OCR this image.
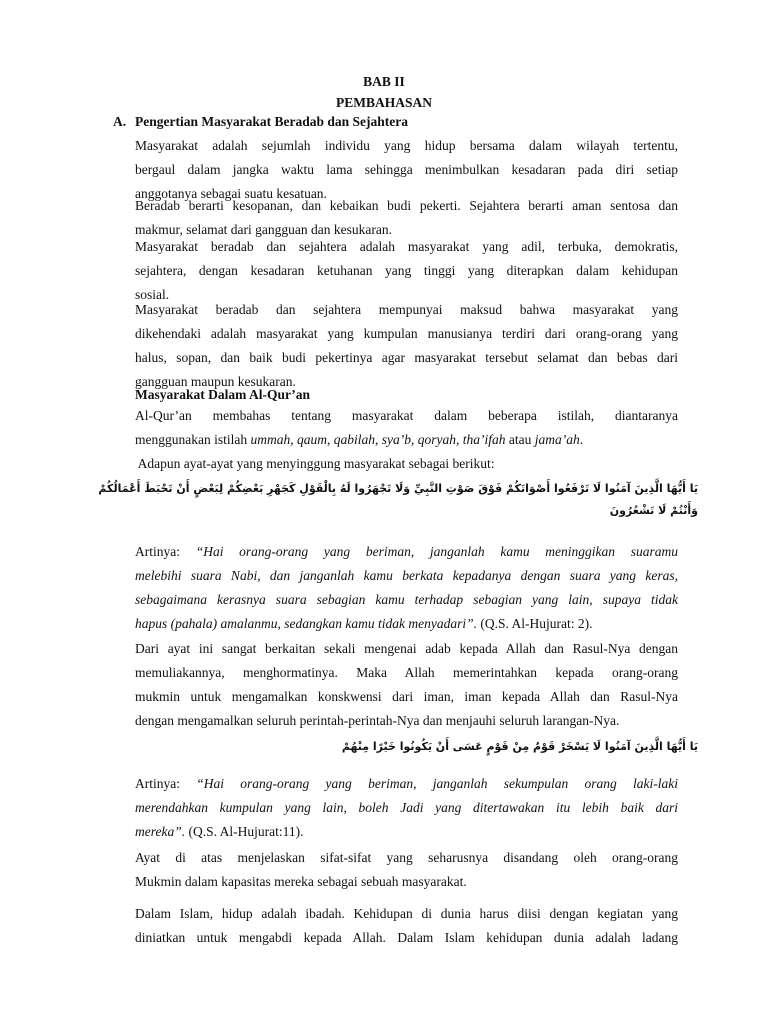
BAB II
PEMBAHASAN
A. Pengertian Masyarakat Beradab dan Sejahtera
Masyarakat adalah sejumlah individu yang hidup bersama dalam wilayah tertentu,
bergaul dalam jangka waktu lama sehingga menimbulkan kesadaran pada diri setiap
anggotanya sebagai suatu kesatuan.
Beradab berarti kesopanan, dan kebaikan budi pekerti. Sejahtera berarti aman sentosa dan
makmur, selamat dari gangguan dan kesukaran.
Masyarakat beradab dan sejahtera adalah masyarakat yang adil, terbuka, demokratis,
sejahtera, dengan kesadaran ketuhanan yang tinggi yang diterapkan dalam kehidupan
sosial.
Masyarakat beradab dan sejahtera mempunyai maksud bahwa masyarakat yang
dikehendaki adalah masyarakat yang kumpulan manusianya terdiri dari orang-orang yang
halus, sopan, dan baik budi pekertinya agar masyarakat tersebut selamat dan bebas dari
gangguan maupun kesukaran.
Masyarakat Dalam Al-Qur’an
Al-Qur’an membahas tentang masyarakat dalam beberapa istilah, diantaranya
menggunakan istilah ummah, qaum, qabilah, sya’b, qoryah, tha’ifah atau jama’ah.
Adapun ayat-ayat yang menyinggung masyarakat sebagai berikut:
يَا أَيُّهَا الَّذِينَ آمَنُوا لَا تَرْفَعُوا أَصْوَاتَكُمْ فَوْقَ صَوْتِ النَّبِيِّ وَلَا تَجْهَرُوا لَهُ بِالْقَوْلِ كَجَهْرِ بَعْضِكُمْ لِبَعْضٍ أَنْ تَحْبَطَ أَعْمَالُكُمْ وَأَنْتُمْ لَا تَشْعُرُونَ
Artinya: “Hai orang-orang yang beriman, janganlah kamu meninggikan suaramu
melebihi suara Nabi, dan janganlah kamu berkata kepadanya dengan suara yang keras,
sebagaimana kerasnya suara sebagian kamu terhadap sebagian yang lain, supaya tidak
hapus (pahala) amalanmu, sedangkan kamu tidak menyadari”. (Q.S. Al-Hujurat: 2).
Dari ayat ini sangat berkaitan sekali mengenai adab kepada Allah dan Rasul-Nya dengan
memuliakannya, menghormatinya. Maka Allah memerintahkan kepada orang-orang
mukmin untuk mengamalkan konskwensi dari iman, iman kepada Allah dan Rasul-Nya
dengan mengamalkan seluruh perintah-perintah-Nya dan menjauhi seluruh larangan-Nya.
يَا أَيُّهَا الَّذِينَ آمَنُوا لَا يَسْخَرْ قَوْمٌ مِنْ قَوْمٍ عَسَى أَنْ يَكُونُوا خَيْرًا مِنْهُمْ
Artinya: “Hai orang-orang yang beriman, janganlah sekumpulan orang laki-laki
merendahkan kumpulan yang lain, boleh Jadi yang ditertawakan itu lebih baik dari
mereka”. (Q.S. Al-Hujurat:11).
Ayat di atas menjelaskan sifat-sifat yang seharusnya disandang oleh orang-orang
Mukmin dalam kapasitas mereka sebagai sebuah masyarakat.
Dalam Islam, hidup adalah ibadah. Kehidupan di dunia harus diisi dengan kegiatan yang
diniatkan untuk mengabdi kepada Allah. Dalam Islam kehidupan dunia adalah ladang
